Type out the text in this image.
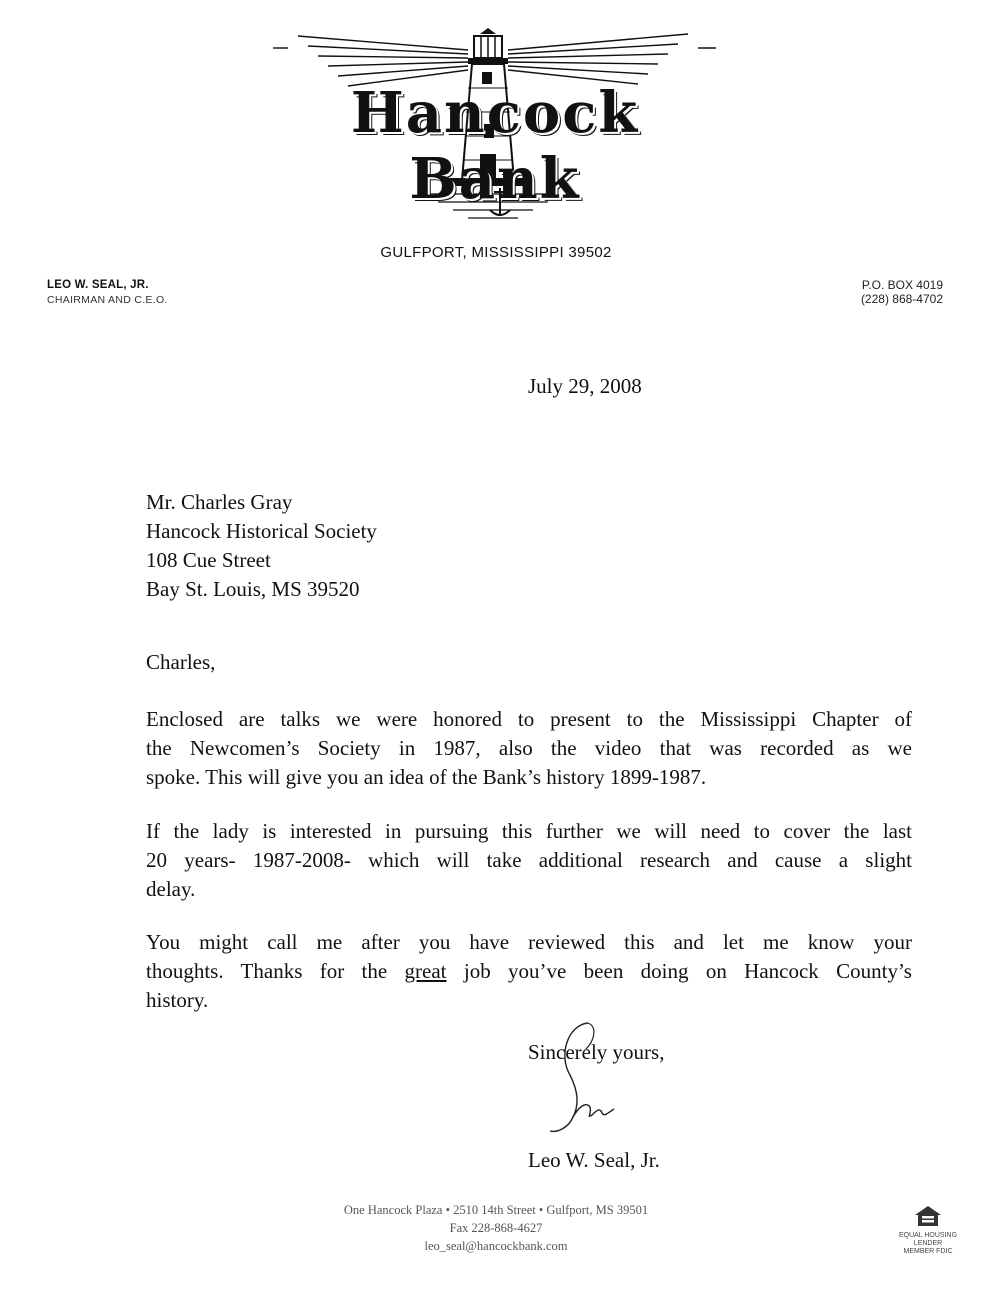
Hancock Bank
GULFPORT, MISSISSIPPI 39502
LEO W. SEAL, JR.
CHAIRMAN AND C.E.O.
P.O. BOX 4019
(228) 868-4702
July 29, 2008
Mr. Charles Gray
Hancock Historical Society
108 Cue Street
Bay St. Louis, MS 39520
Charles,
Enclosed are talks we were honored to present to the Mississippi Chapter of
the Newcomen’s Society in 1987, also the video that was recorded as we
spoke. This will give you an idea of the Bank’s history 1899-1987.
If the lady is interested in pursuing this further we will need to cover the last
20 years- 1987-2008- which will take additional research and cause a slight
delay.
You might call me after you have reviewed this and let me know your
thoughts. Thanks for the great job you’ve been doing on Hancock County’s
history.
Sincerely yours,
Leo W. Seal, Jr.
One Hancock Plaza • 2510 14th Street • Gulfport, MS 39501
Fax 228-868-4627
leo_seal@hancockbank.com
EQUAL HOUSING
LENDER
MEMBER FDIC
